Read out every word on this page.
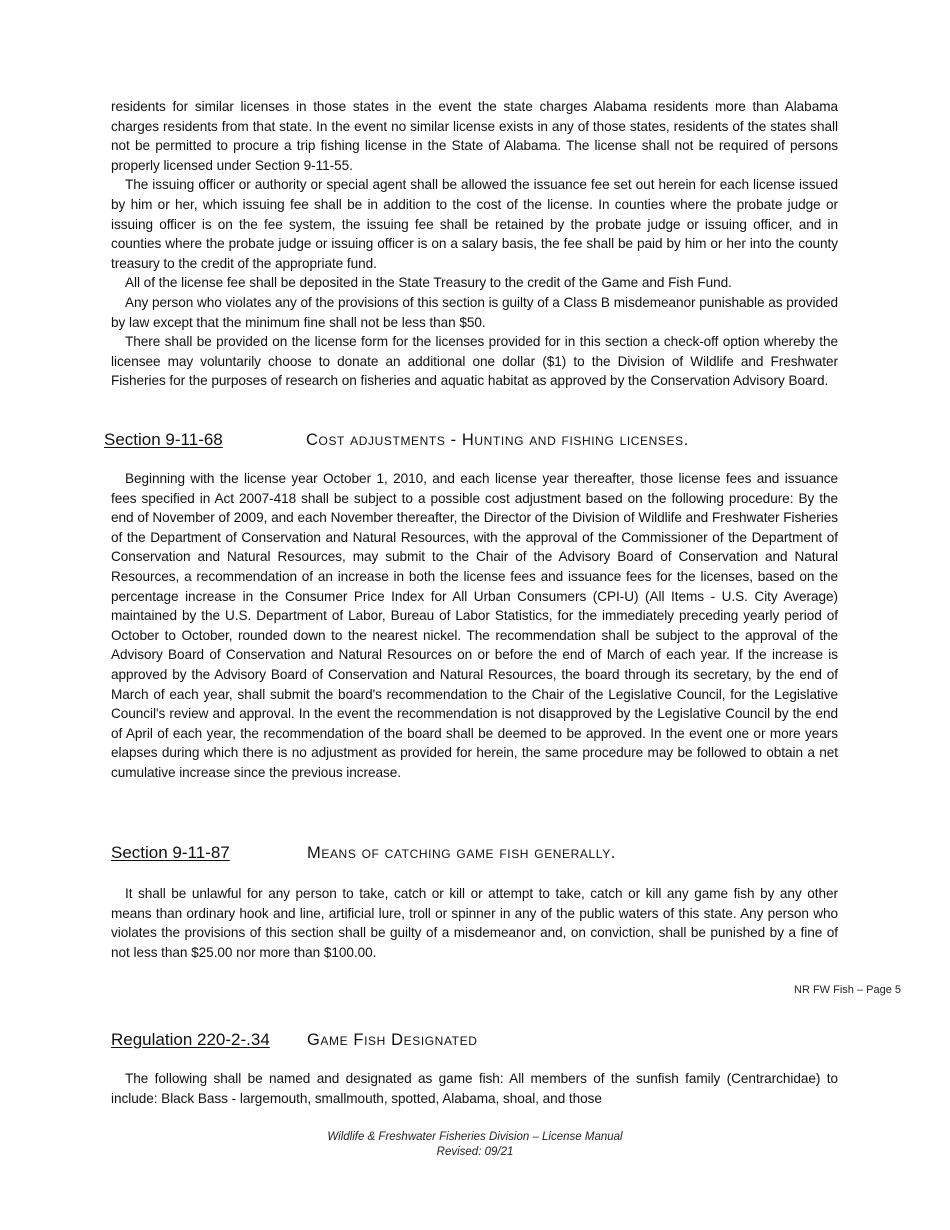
residents for similar licenses in those states in the event the state charges Alabama residents more than Alabama charges residents from that state. In the event no similar license exists in any of those states, residents of the states shall not be permitted to procure a trip fishing license in the State of Alabama. The license shall not be required of persons properly licensed under Section 9-11-55.

The issuing officer or authority or special agent shall be allowed the issuance fee set out herein for each license issued by him or her, which issuing fee shall be in addition to the cost of the license. In counties where the probate judge or issuing officer is on the fee system, the issuing fee shall be retained by the probate judge or issuing officer, and in counties where the probate judge or issuing officer is on a salary basis, the fee shall be paid by him or her into the county treasury to the credit of the appropriate fund.

All of the license fee shall be deposited in the State Treasury to the credit of the Game and Fish Fund.

Any person who violates any of the provisions of this section is guilty of a Class B misdemeanor punishable as provided by law except that the minimum fine shall not be less than $50.

There shall be provided on the license form for the licenses provided for in this section a check-off option whereby the licensee may voluntarily choose to donate an additional one dollar ($1) to the Division of Wildlife and Freshwater Fisheries for the purposes of research on fisheries and aquatic habitat as approved by the Conservation Advisory Board.

Section 9-11-68	Cost adjustments - Hunting and fishing licenses.

Beginning with the license year October 1, 2010, and each license year thereafter, those license fees and issuance fees specified in Act 2007-418 shall be subject to a possible cost adjustment based on the following procedure: By the end of November of 2009, and each November thereafter, the Director of the Division of Wildlife and Freshwater Fisheries of the Department of Conservation and Natural Resources, with the approval of the Commissioner of the Department of Conservation and Natural Resources, may submit to the Chair of the Advisory Board of Conservation and Natural Resources, a recommendation of an increase in both the license fees and issuance fees for the licenses, based on the percentage increase in the Consumer Price Index for All Urban Consumers (CPI-U) (All Items - U.S. City Average) maintained by the U.S. Department of Labor, Bureau of Labor Statistics, for the immediately preceding yearly period of October to October, rounded down to the nearest nickel. The recommendation shall be subject to the approval of the Advisory Board of Conservation and Natural Resources on or before the end of March of each year. If the increase is approved by the Advisory Board of Conservation and Natural Resources, the board through its secretary, by the end of March of each year, shall submit the board's recommendation to the Chair of the Legislative Council, for the Legislative Council's review and approval. In the event the recommendation is not disapproved by the Legislative Council by the end of April of each year, the recommendation of the board shall be deemed to be approved. In the event one or more years elapses during which there is no adjustment as provided for herein, the same procedure may be followed to obtain a net cumulative increase since the previous increase.

Section 9-11-87	Means of catching game fish generally.

It shall be unlawful for any person to take, catch or kill or attempt to take, catch or kill any game fish by any other means than ordinary hook and line, artificial lure, troll or spinner in any of the public waters of this state. Any person who violates the provisions of this section shall be guilty of a misdemeanor and, on conviction, shall be punished by a fine of not less than $25.00 nor more than $100.00.

NR FW Fish – Page 5
Regulation 220-2-.34	Game Fish Designated

The following shall be named and designated as game fish: All members of the sunfish family (Centrarchidae) to include: Black Bass - largemouth, smallmouth, spotted, Alabama, shoal, and those

Wildlife & Freshwater Fisheries Division – License Manual
Revised: 09/21
